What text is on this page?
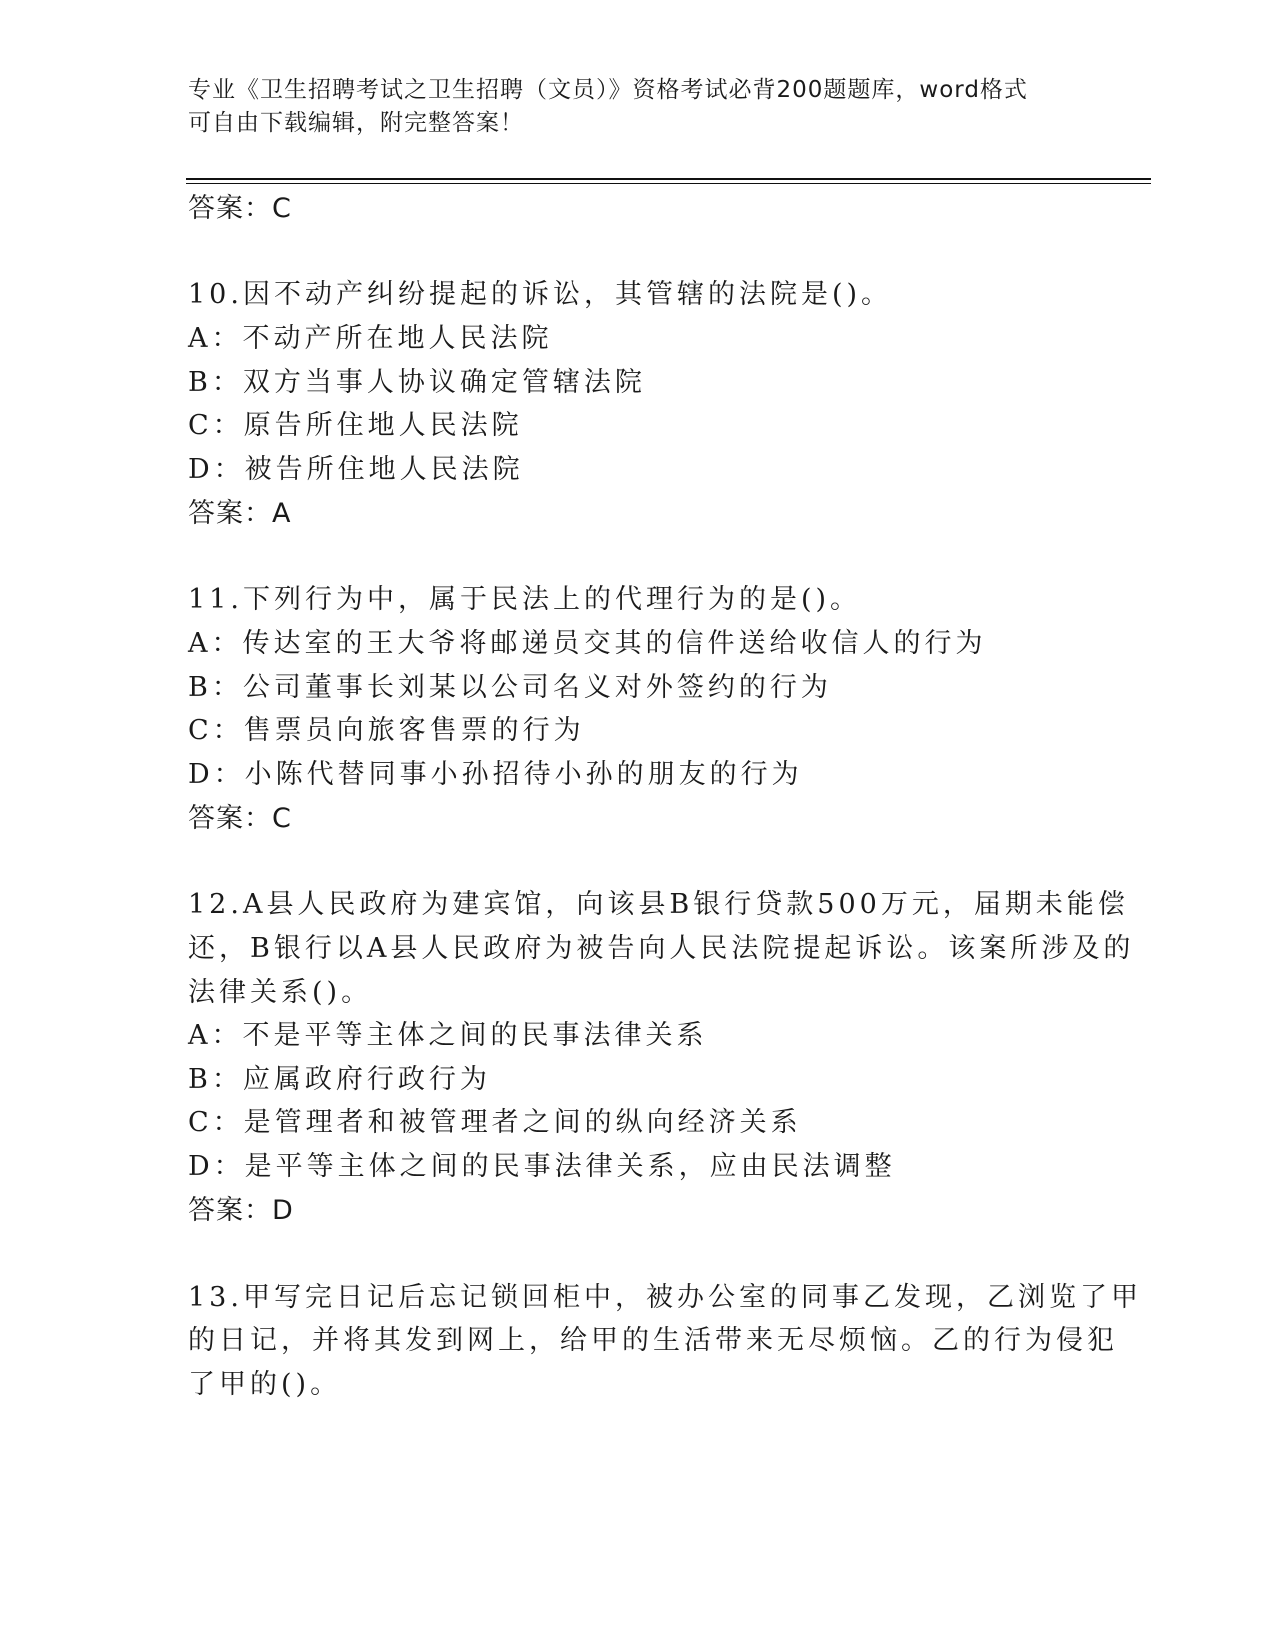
专业《卫生招聘考试之卫生招聘（文员）》资格考试必背200题题库，word格式
可自由下载编辑，附完整答案！
答案：C
10.因不动产纠纷提起的诉讼，其管辖的法院是()。
A：不动产所在地人民法院
B：双方当事人协议确定管辖法院
C：原告所住地人民法院
D：被告所住地人民法院
答案：A
11.下列行为中，属于民法上的代理行为的是()。
A：传达室的王大爷将邮递员交其的信件送给收信人的行为
B：公司董事长刘某以公司名义对外签约的行为
C：售票员向旅客售票的行为
D：小陈代替同事小孙招待小孙的朋友的行为
答案：C
12.A县人民政府为建宾馆，向该县B银行贷款500万元，届期未能偿
还，B银行以A县人民政府为被告向人民法院提起诉讼。该案所涉及的
法律关系()。
A：不是平等主体之间的民事法律关系
B：应属政府行政行为
C：是管理者和被管理者之间的纵向经济关系
D：是平等主体之间的民事法律关系，应由民法调整
答案：D
13.甲写完日记后忘记锁回柜中，被办公室的同事乙发现，乙浏览了甲
的日记，并将其发到网上，给甲的生活带来无尽烦恼。乙的行为侵犯
了甲的()。
